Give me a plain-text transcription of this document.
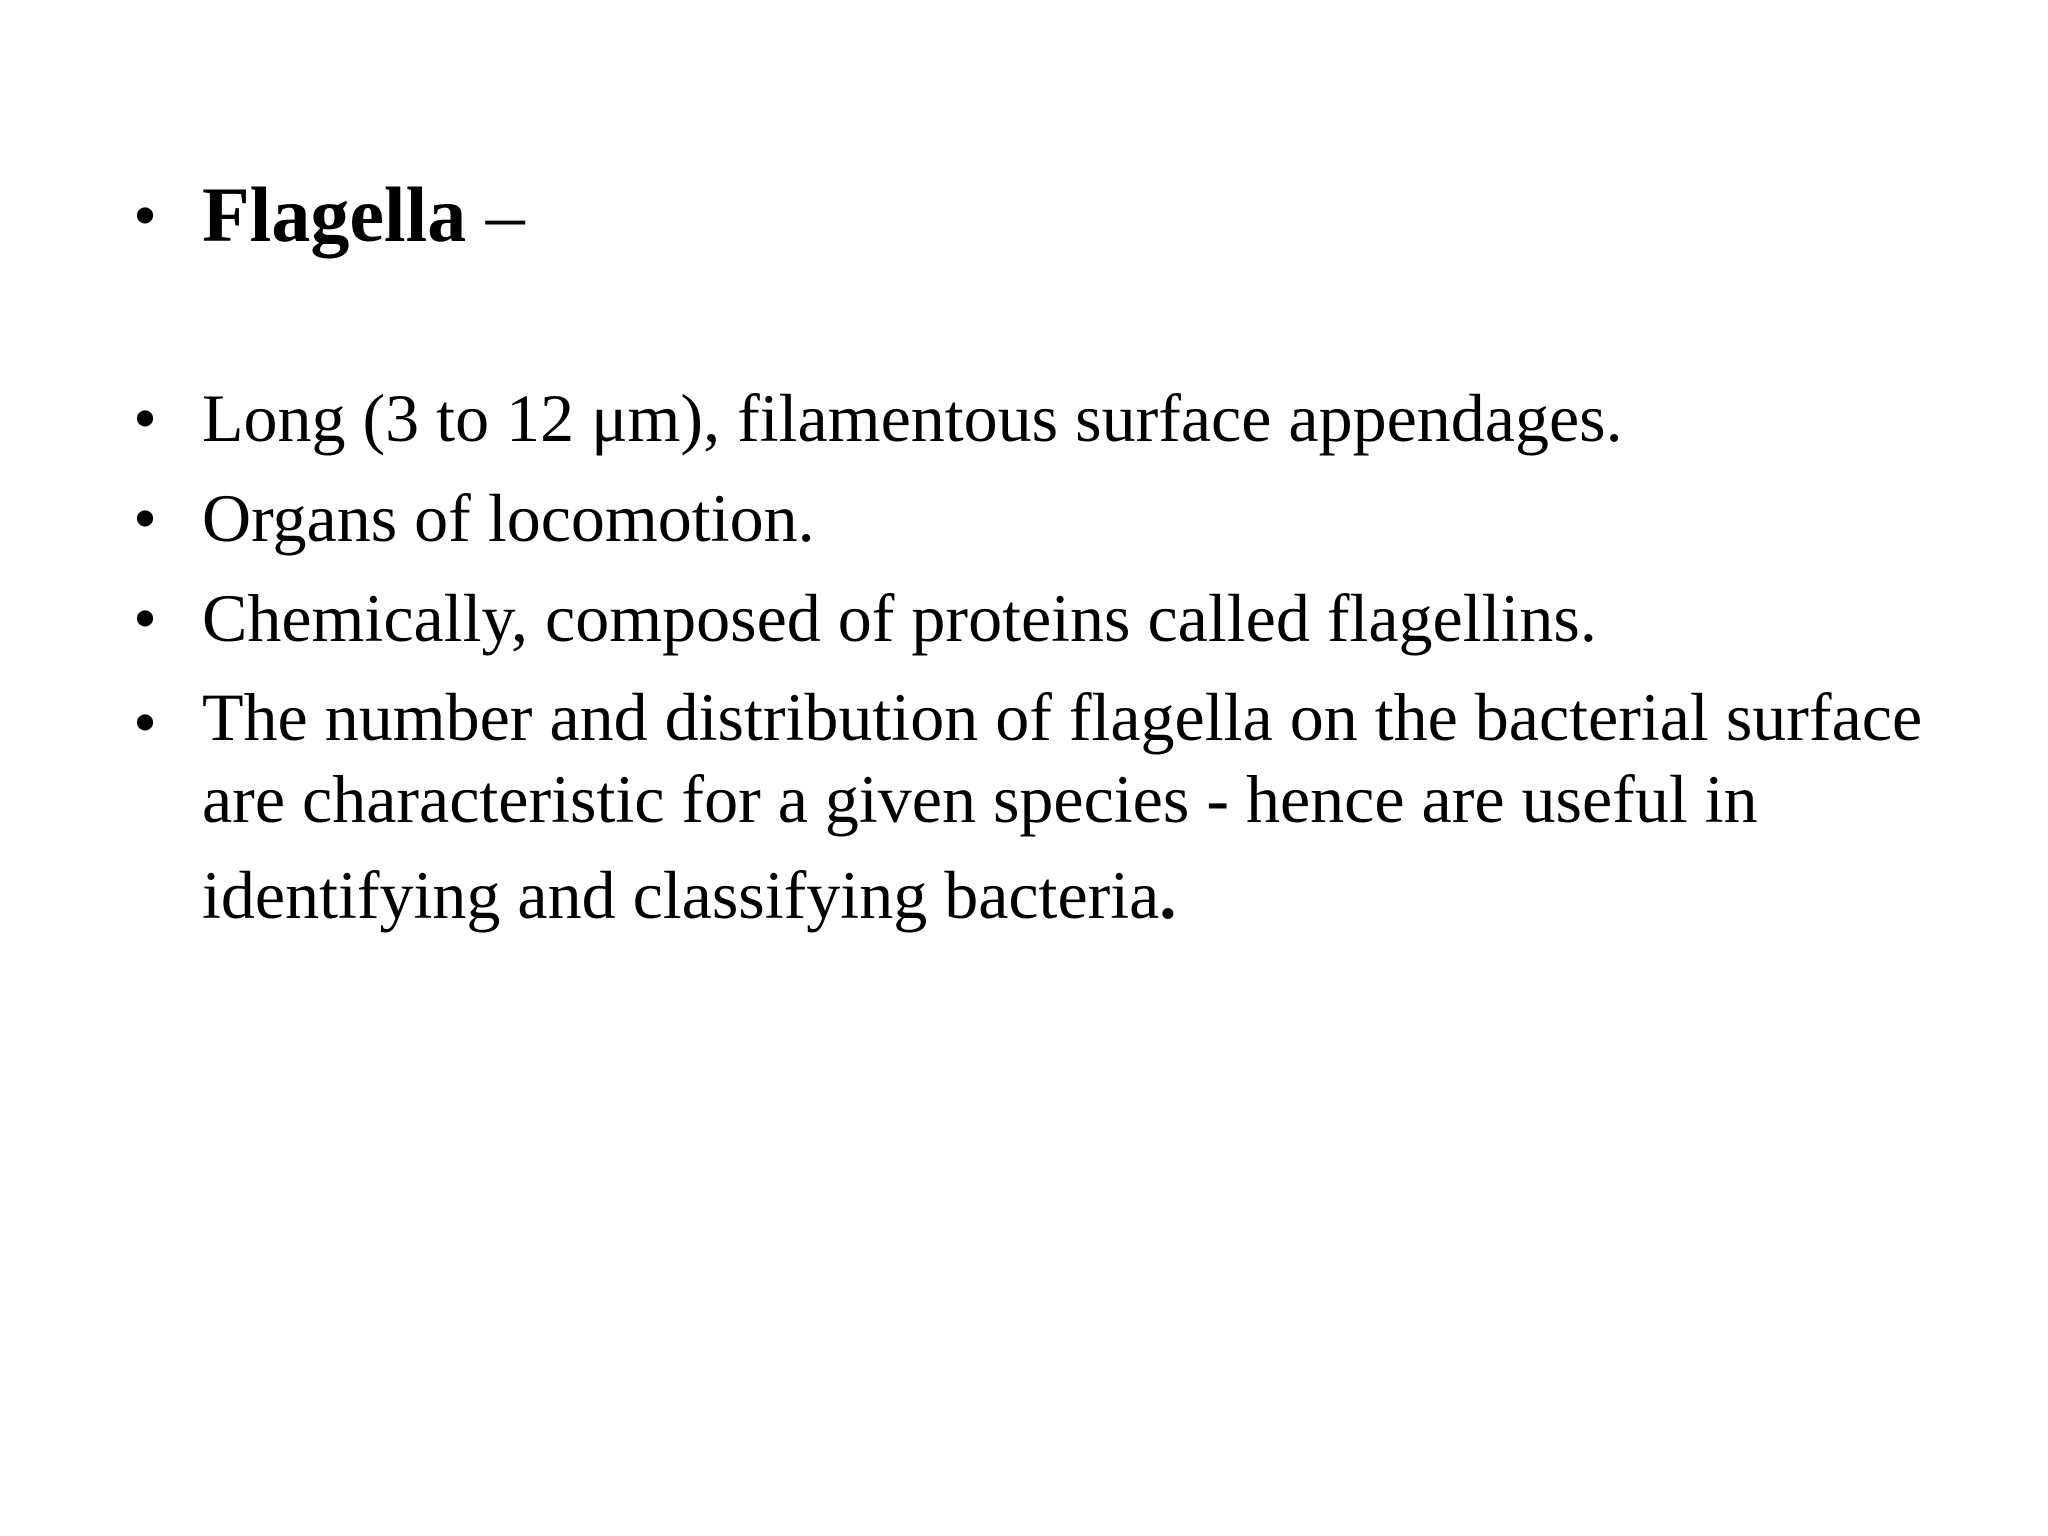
• Flagella –
• Long (3 to 12 μm), filamentous surface appendages.
• Organs of locomotion.
• Chemically, composed of proteins called flagellins.
• The number and distribution of flagella on the bacterial surface
are characteristic for a given species - hence are useful in
identifying and classifying bacteria.
